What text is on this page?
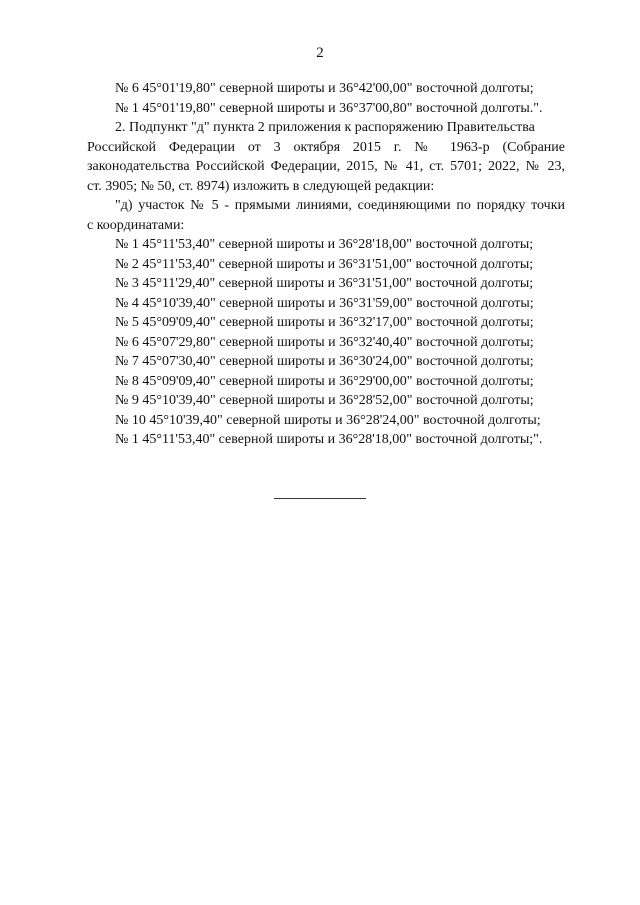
2
№ 6 45°01'19,80" северной широты и 36°42'00,00" восточной долготы;
№ 1 45°01'19,80" северной широты и 36°37'00,80" восточной долготы.".
2. Подпункт "д" пункта 2 приложения к распоряжению Правительства
Российской Федерации от 3 октября 2015 г. № 1963-р (Собрание
законодательства Российской Федерации, 2015, № 41, ст. 5701; 2022, № 23,
ст. 3905; № 50, ст. 8974) изложить в следующей редакции:
"д) участок № 5 - прямыми линиями, соединяющими по порядку точки
с координатами:
№ 1 45°11'53,40" северной широты и 36°28'18,00" восточной долготы;
№ 2 45°11'53,40" северной широты и 36°31'51,00" восточной долготы;
№ 3 45°11'29,40" северной широты и 36°31'51,00" восточной долготы;
№ 4 45°10'39,40" северной широты и 36°31'59,00" восточной долготы;
№ 5 45°09'09,40" северной широты и 36°32'17,00" восточной долготы;
№ 6 45°07'29,80" северной широты и 36°32'40,40" восточной долготы;
№ 7 45°07'30,40" северной широты и 36°30'24,00" восточной долготы;
№ 8 45°09'09,40" северной широты и 36°29'00,00" восточной долготы;
№ 9 45°10'39,40" северной широты и 36°28'52,00" восточной долготы;
№ 10 45°10'39,40" северной широты и 36°28'24,00" восточной долготы;
№ 1 45°11'53,40" северной широты и 36°28'18,00" восточной долготы;".
